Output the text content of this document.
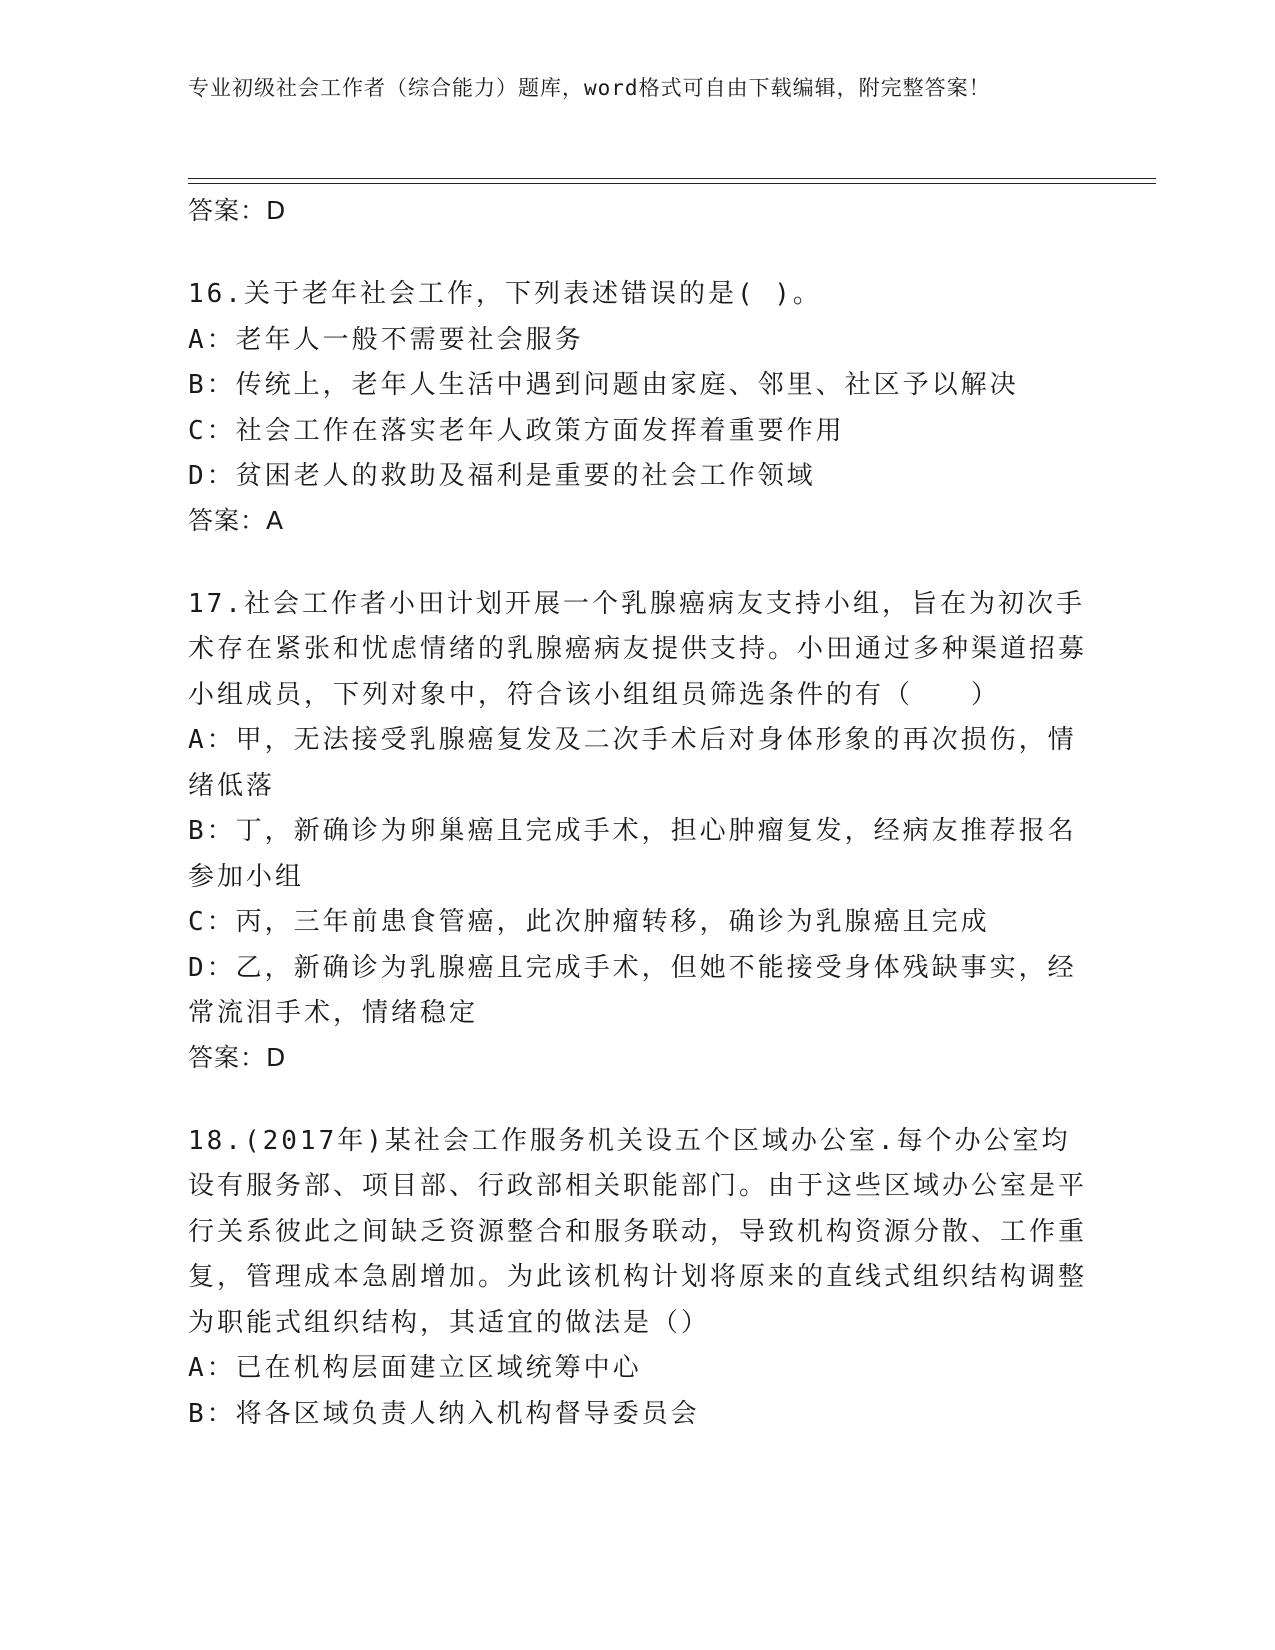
专业初级社会工作者（综合能力）题库，word格式可自由下载编辑，附完整答案！
答案：D

16.关于老年社会工作，下列表述错误的是( )。

A：老年人一般不需要社会服务

B：传统上，老年人生活中遇到问题由家庭、邻里、社区予以解决

C：社会工作在落实老年人政策方面发挥着重要作用

D：贫困老人的救助及福利是重要的社会工作领域

答案：A

17.社会工作者小田计划开展一个乳腺癌病友支持小组，旨在为初次手术存在紧张和忧虑情绪的乳腺癌病友提供支持。小田通过多种渠道招募小组成员，下列对象中，符合该小组组员筛选条件的有（　　）

A：甲，无法接受乳腺癌复发及二次手术后对身体形象的再次损伤，情绪低落

B：丁，新确诊为卵巢癌且完成手术，担心肿瘤复发，经病友推荐报名参加小组

C：丙，三年前患食管癌，此次肿瘤转移，确诊为乳腺癌且完成

D：乙，新确诊为乳腺癌且完成手术，但她不能接受身体残缺事实，经常流泪手术，情绪稳定

答案：D

18.(2017年)某社会工作服务机关设五个区域办公室.每个办公室均设有服务部、项目部、行政部相关职能部门。由于这些区域办公室是平行关系彼此之间缺乏资源整合和服务联动，导致机构资源分散、工作重复，管理成本急剧增加。为此该机构计划将原来的直线式组织结构调整为职能式组织结构，其适宜的做法是（）

A：已在机构层面建立区域统筹中心

B：将各区域负责人纳入机构督导委员会
